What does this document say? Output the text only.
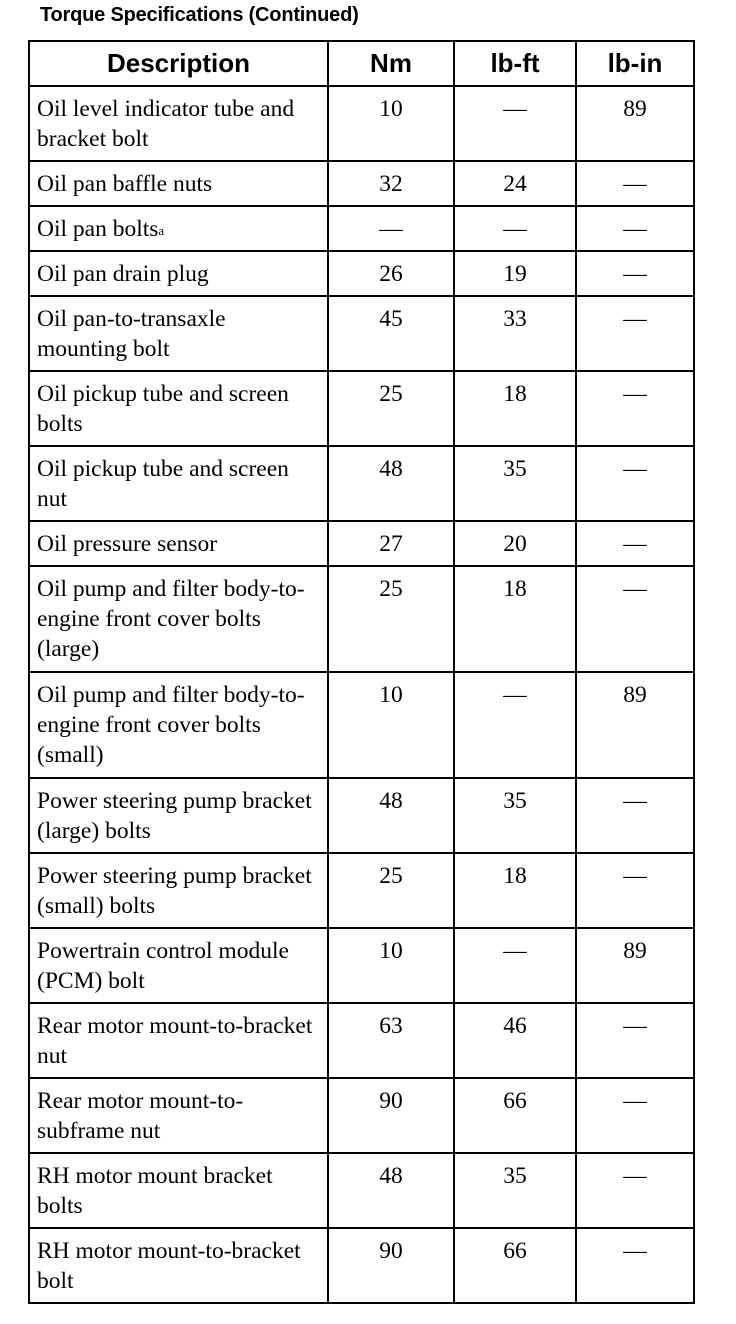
Torque Specifications (Continued)
Description	Nm	lb-ft	lb-in
Oil level indicator tube and bracket bolt	10	—	89
Oil pan baffle nuts	32	24	—
Oil pan bolts$^a$	—	—	—
Oil pan drain plug	26	19	—
Oil pan-to-transaxle mounting bolt	45	33	—
Oil pickup tube and screen bolts	25	18	—
Oil pickup tube and screen nut	48	35	—
Oil pressure sensor	27	20	—
Oil pump and filter body-to-engine front cover bolts (large)	25	18	—
Oil pump and filter body-to-engine front cover bolts (small)	10	—	89
Power steering pump bracket (large) bolts	48	35	—
Power steering pump bracket (small) bolts	25	18	—
Powertrain control module (PCM) bolt	10	—	89
Rear motor mount-to-bracket nut	63	46	—
Rear motor mount-to-subframe nut	90	66	—
RH motor mount bracket bolts	48	35	—
RH motor mount-to-bracket bolt	90	66	—
